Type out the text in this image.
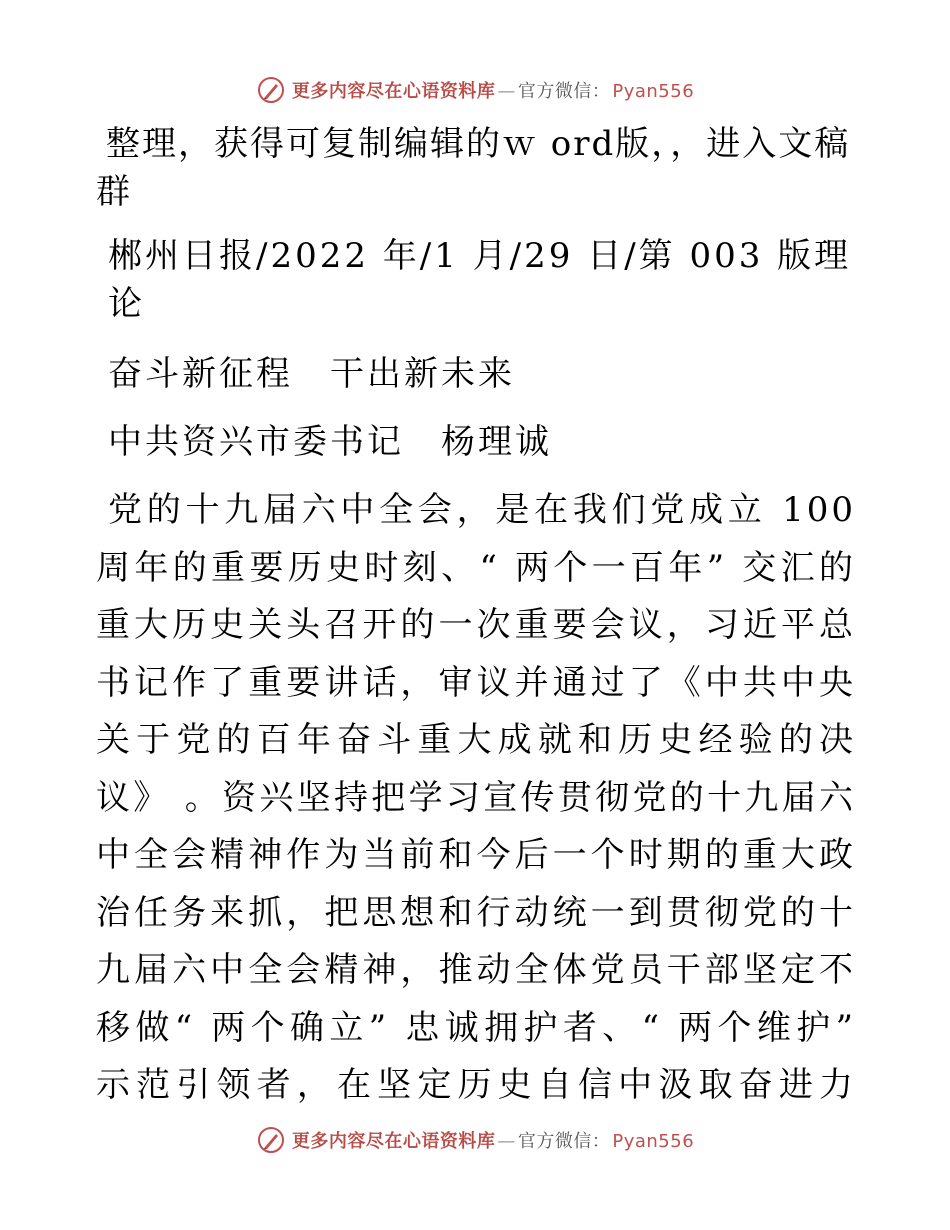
更多内容尽在心语资料库 — 官方微信： Pyan556

整理，获得可复制编辑的ｗ ord版，，进入文稿群

郴州日报/2022 年/1 月/29 日/第 003 版理论

奋斗新征程　干出新未来

中共资兴市委书记　杨理诚

党的十九届六中全会，是在我们党成立 100 周年的重要历史时刻、“ 两个一百年” 交汇的重大历史关头召开的一次重要会议，习近平总书记作了重要讲话，审议并通过了《中共中央关于党的百年奋斗重大成就和历史经验的决议》 。资兴坚持把学习宣传贯彻党的十九届六中全会精神作为当前和今后一个时期的重大政治任务来抓，把思想和行动统一到贯彻党的十九届六中全会精神，推动全体党员干部坚定不移做“ 两个确立” 忠诚拥护者、“ 两个维护” 示范引领者，在坚定历史自信中汲取奋进力

更多内容尽在心语资料库 — 官方微信： Pyan556
